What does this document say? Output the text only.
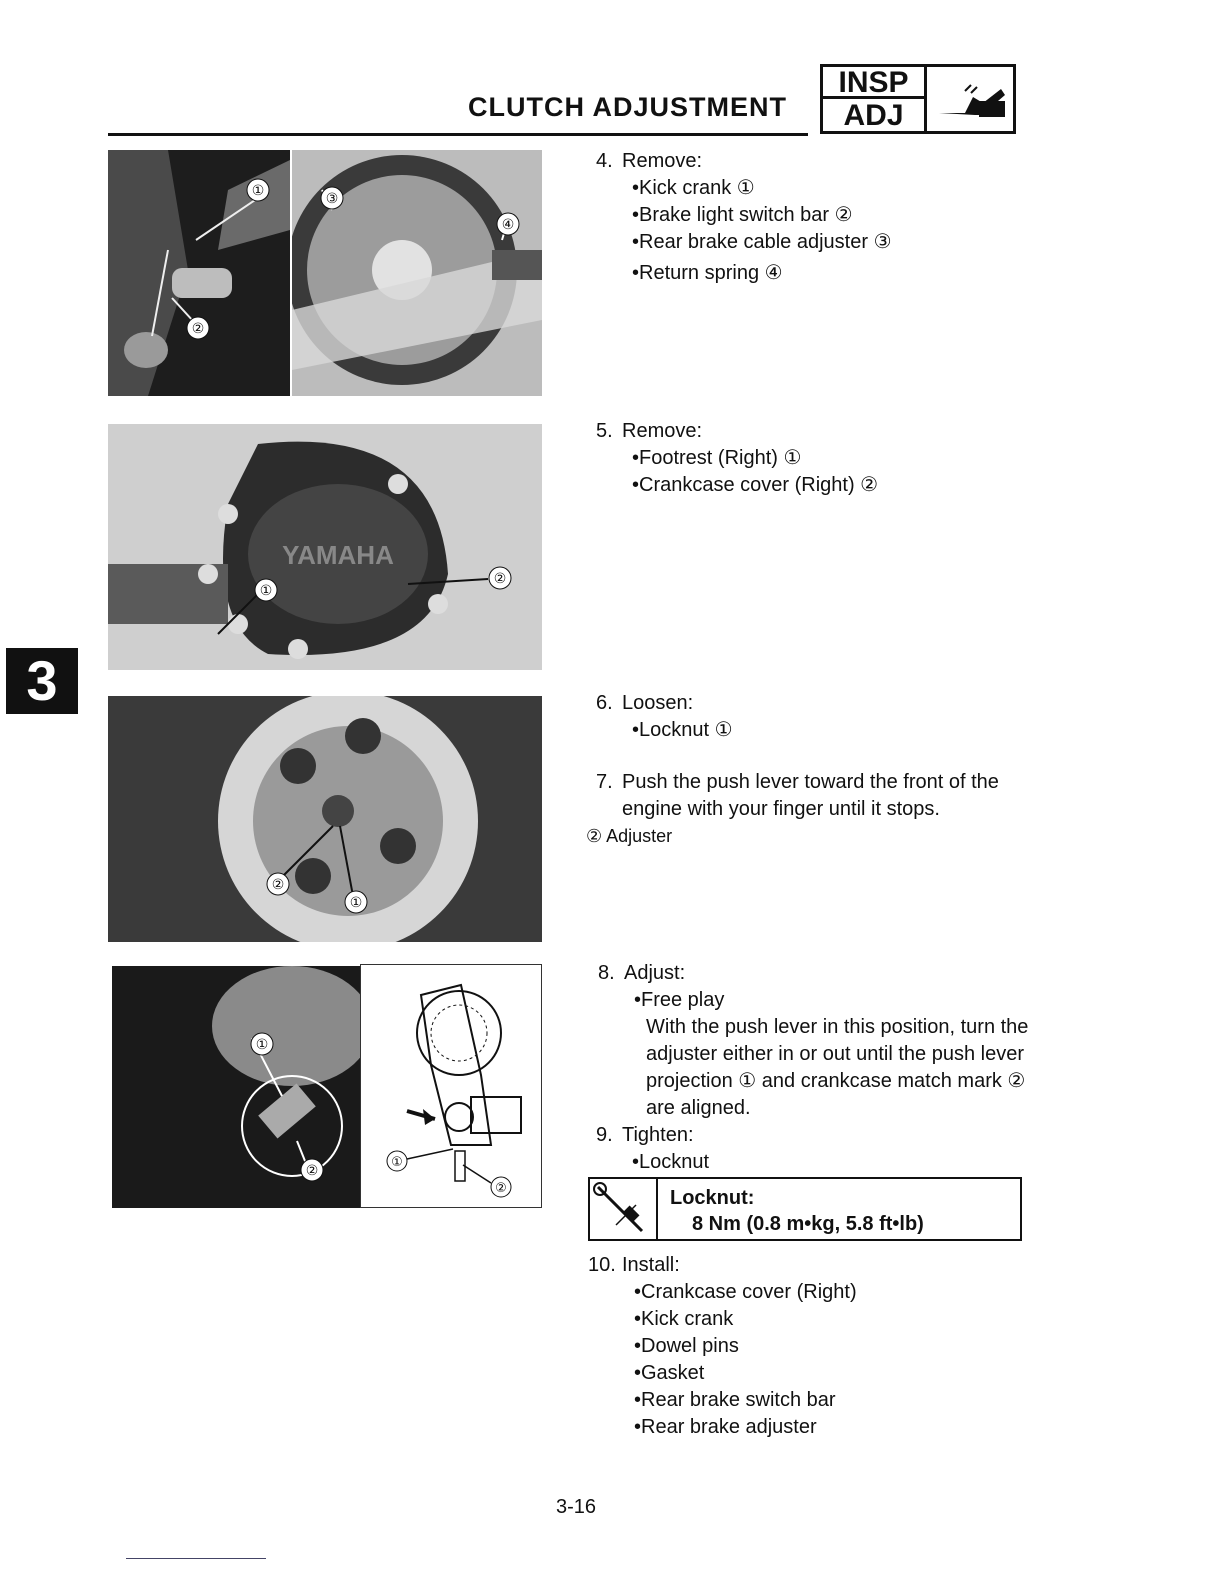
CLUTCH ADJUSTMENT
INSP
ADJ
3
①
②
③
④
YAMAHA
①
②
②
①
①
②
①
②
4. Remove:
•Kick crank ①
•Brake light switch bar ②
•Rear brake cable adjuster ③
•Return spring ④
5. Remove:
•Footrest (Right) ①
•Crankcase cover (Right) ②
6. Loosen:
•Locknut ①
7. Push the push lever toward the front of the
engine with your finger until it stops.
② Adjuster
8. Adjust:
•Free play
With the push lever in this position, turn the adjuster either in or out until the push lever projection ① and crankcase match mark ② are aligned.
9. Tighten:
•Locknut
Locknut:
8 Nm (0.8 m•kg, 5.8 ft•lb)
10. Install:
•Crankcase cover (Right)
•Kick crank
•Dowel pins
•Gasket
•Rear brake switch bar
•Rear brake adjuster
3-16
